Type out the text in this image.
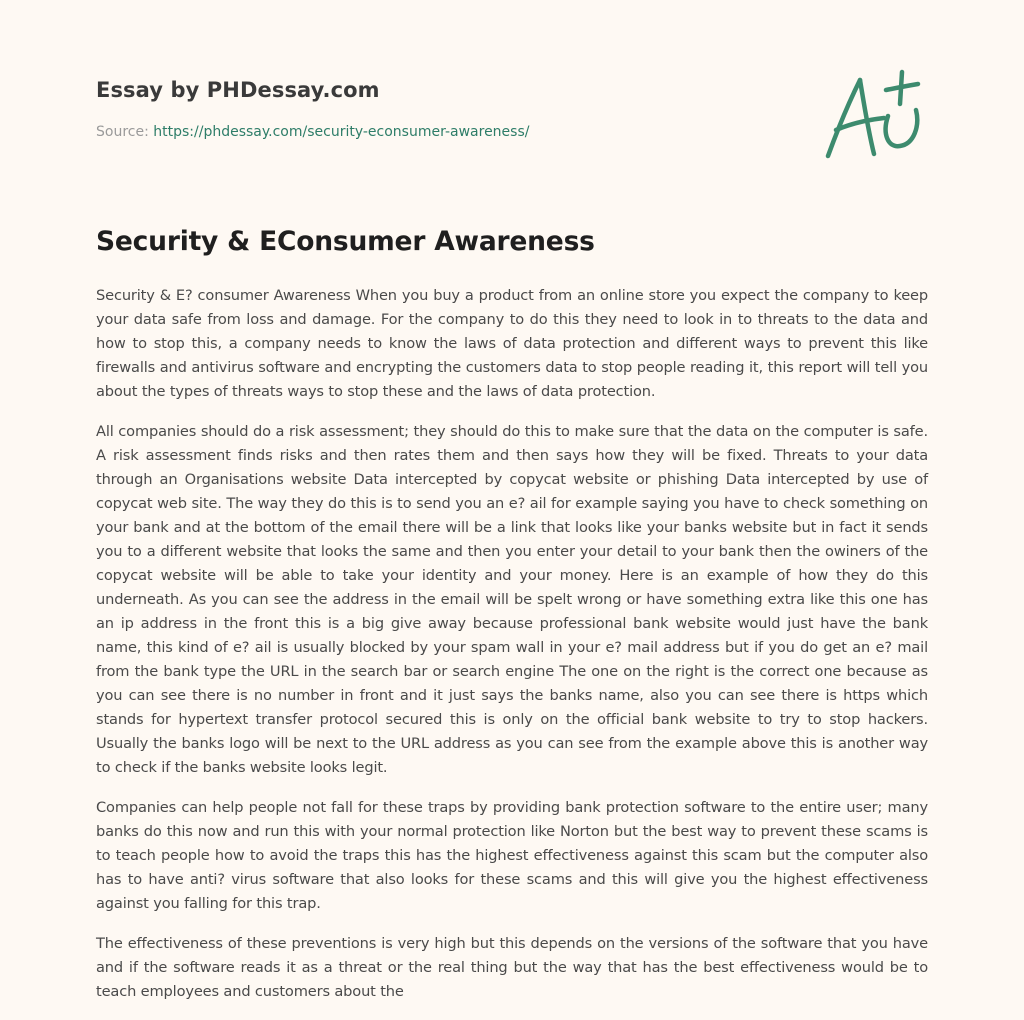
Essay by PHDessay.com
Source: https://phdessay.com/security-econsumer-awareness/
Security & EConsumer Awareness

Security & E? consumer Awareness When you buy a product from an online store you expect the company to keep your data safe from loss and damage. For the company to do this they need to look in to threats to the data and how to stop this, a company needs to know the laws of data protection and different ways to prevent this like firewalls and antivirus software and encrypting the customers data to stop people reading it, this report will tell you about the types of threats ways to stop these and the laws of data protection.

All companies should do a risk assessment; they should do this to make sure that the data on the computer is safe. A risk assessment finds risks and then rates them and then says how they will be fixed. Threats to your data through an Organisations website Data intercepted by copycat website or phishing Data intercepted by use of copycat web site. The way they do this is to send you an e? ail for example saying you have to check something on your bank and at the bottom of the email there will be a link that looks like your banks website but in fact it sends you to a different website that looks the same and then you enter your detail to your bank then the owiners of the copycat website will be able to take your identity and your money. Here is an example of how they do this underneath. As you can see the address in the email will be spelt wrong or have something extra like this one has an ip address in the front this is a big give away because professional bank website would just have the bank name, this kind of e? ail is usually blocked by your spam wall in your e? mail address but if you do get an e? mail from the bank type the URL in the search bar or search engine The one on the right is the correct one because as you can see there is no number in front and it just says the banks name, also you can see there is https which stands for hypertext transfer protocol secured this is only on the official bank website to try to stop hackers. Usually the banks logo will be next to the URL address as you can see from the example above this is another way to check if the banks website looks legit.

Companies can help people not fall for these traps by providing bank protection software to the entire user; many banks do this now and run this with your normal protection like Norton but the best way to prevent these scams is to teach people how to avoid the traps this has the highest effectiveness against this scam but the computer also has to have anti? virus software that also looks for these scams and this will give you the highest effectiveness against you falling for this trap.

The effectiveness of these preventions is very high but this depends on the versions of the software that you have and if the software reads it as a threat or the real thing but the way that has the best effectiveness would be to teach employees and customers about the
